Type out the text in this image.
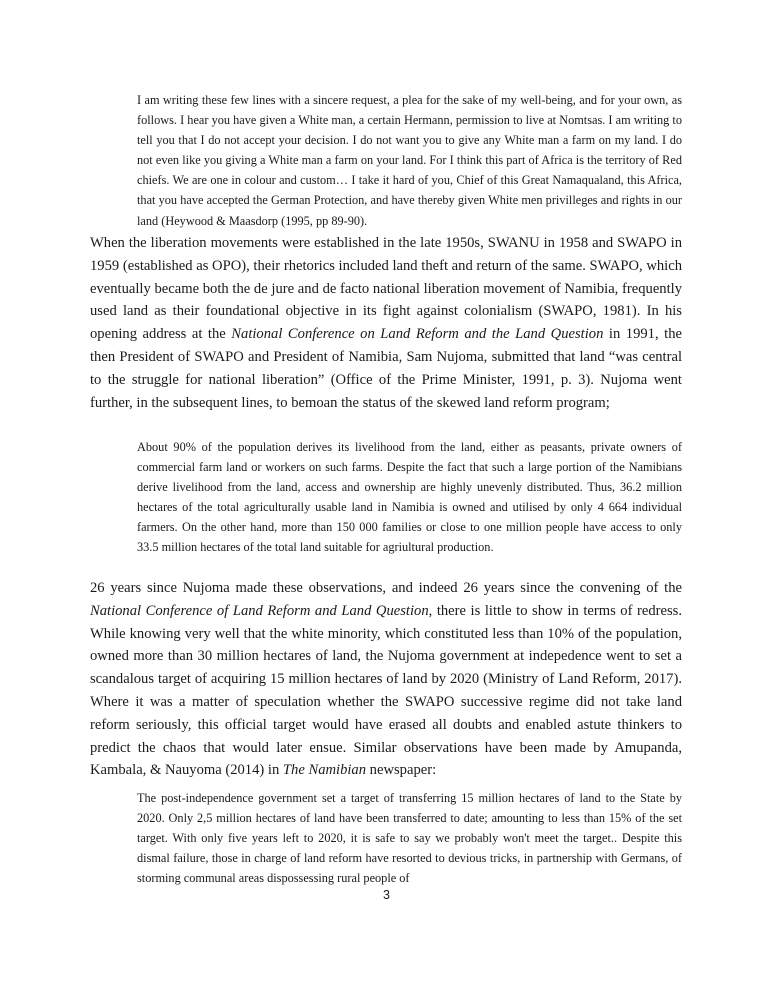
I am writing these few lines with a sincere request, a plea for the sake of my well-being, and for your own, as follows. I hear you have given a White man, a certain Hermann, permission to live at Nomtsas. I am writing to tell you that I do not accept your decision. I do not want you to give any White man a farm on my land. I do not even like you giving a White man a farm on your land. For I think this part of Africa is the territory of Red chiefs. We are one in colour and custom… I take it hard of you, Chief of this Great Namaqualand, this Africa, that you have accepted the German Protection, and have thereby given White men privilleges and rights in our land (Heywood & Maasdorp (1995, pp 89-90).
When the liberation movements were established in the late 1950s, SWANU in 1958 and SWAPO in 1959 (established as OPO), their rhetorics included land theft and return of the same. SWAPO, which eventually became both the de jure and de facto national liberation movement of Namibia, frequently used land as their foundational objective in its fight against colonialism (SWAPO, 1981). In his opening address at the National Conference on Land Reform and the Land Question in 1991, the then President of SWAPO and President of Namibia, Sam Nujoma, submitted that land “was central to the struggle for national liberation” (Office of the Prime Minister, 1991, p. 3). Nujoma went further, in the subsequent lines, to bemoan the status of the skewed land reform program;
About 90% of the population derives its livelihood from the land, either as peasants, private owners of commercial farm land or workers on such farms. Despite the fact that such a large portion of the Namibians derive livelihood from the land, access and ownership are highly unevenly distributed. Thus, 36.2 million hectares of the total agriculturally usable land in Namibia is owned and utilised by only 4 664 individual farmers. On the other hand, more than 150 000 families or close to one million people have access to only 33.5 million hectares of the total land suitable for agriultural production.
26 years since Nujoma made these observations, and indeed 26 years since the convening of the National Conference of Land Reform and Land Question, there is little to show in terms of redress. While knowing very well that the white minority, which constituted less than 10% of the population, owned more than 30 million hectares of land, the Nujoma government at indepedence went to set a scandalous target of acquiring 15 million hectares of land by 2020 (Ministry of Land Reform, 2017). Where it was a matter of speculation whether the SWAPO successive regime did not take land reform seriously, this official target would have erased all doubts and enabled astute thinkers to predict the chaos that would later ensue. Similar observations have been made by Amupanda, Kambala, & Nauyoma (2014) in The Namibian newspaper:
The post-independence government set a target of transferring 15 million hectares of land to the State by 2020. Only 2,5 million hectares of land have been transferred to date; amounting to less than 15% of the set target. With only five years left to 2020, it is safe to say we probably won't meet the target.. Despite this dismal failure, those in charge of land reform have resorted to devious tricks, in partnership with Germans, of storming communal areas dispossessing rural people of
3
